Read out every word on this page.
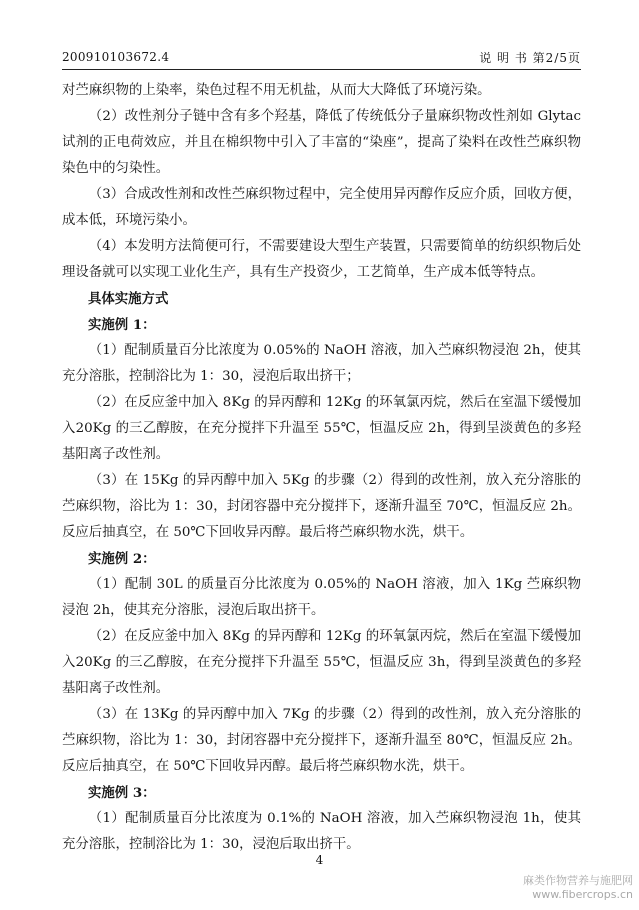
200910103672.4	说 明 书 第2/5页

对苎麻织物的上染率，染色过程不用无机盐，从而大大降低了环境污染。

（2）改性剂分子链中含有多个羟基，降低了传统低分子量麻织物改性剂如 Glytac 试剂的正电荷效应，并且在棉织物中引入了丰富的“染座”，提高了染料在改性苎麻织物染色中的匀染性。

（3）合成改性剂和改性苎麻织物过程中，完全使用异丙醇作反应介质，回收方便，成本低，环境污染小。

（4）本发明方法简便可行，不需要建设大型生产装置，只需要简单的纺织织物后处理设备就可以实现工业化生产，具有生产投资少，工艺简单，生产成本低等特点。

具体实施方式

实施例 1：

（1）配制质量百分比浓度为 0.05%的 NaOH 溶液，加入苎麻织物浸泡 2h，使其充分溶胀，控制浴比为 1：30，浸泡后取出挤干；

（2）在反应釜中加入 8Kg 的异丙醇和 12Kg 的环氧氯丙烷，然后在室温下缓慢加入20Kg 的三乙醇胺，在充分搅拌下升温至 55℃，恒温反应 2h，得到呈淡黄色的多羟基阳离子改性剂。

（3）在 15Kg 的异丙醇中加入 5Kg 的步骤（2）得到的改性剂，放入充分溶胀的苎麻织物，浴比为 1：30，封闭容器中充分搅拌下，逐渐升温至 70℃，恒温反应 2h。反应后抽真空，在 50℃下回收异丙醇。最后将苎麻织物水洗，烘干。

实施例 2：

（1）配制 30L 的质量百分比浓度为 0.05%的 NaOH 溶液，加入 1Kg 苎麻织物浸泡 2h，使其充分溶胀，浸泡后取出挤干。

（2）在反应釜中加入 8Kg 的异丙醇和 12Kg 的环氧氯丙烷，然后在室温下缓慢加入20Kg 的三乙醇胺，在充分搅拌下升温至 55℃，恒温反应 3h，得到呈淡黄色的多羟基阳离子改性剂。

（3）在 13Kg 的异丙醇中加入 7Kg 的步骤（2）得到的改性剂，放入充分溶胀的苎麻织物，浴比为 1：30，封闭容器中充分搅拌下，逐渐升温至 80℃，恒温反应 2h。反应后抽真空，在 50℃下回收异丙醇。最后将苎麻织物水洗，烘干。

实施例 3：

（1）配制质量百分比浓度为 0.1%的 NaOH 溶液，加入苎麻织物浸泡 1h，使其充分溶胀，控制浴比为 1：30，浸泡后取出挤干。

4
麻类作物营养与施肥网
www.fibercrops.cn
